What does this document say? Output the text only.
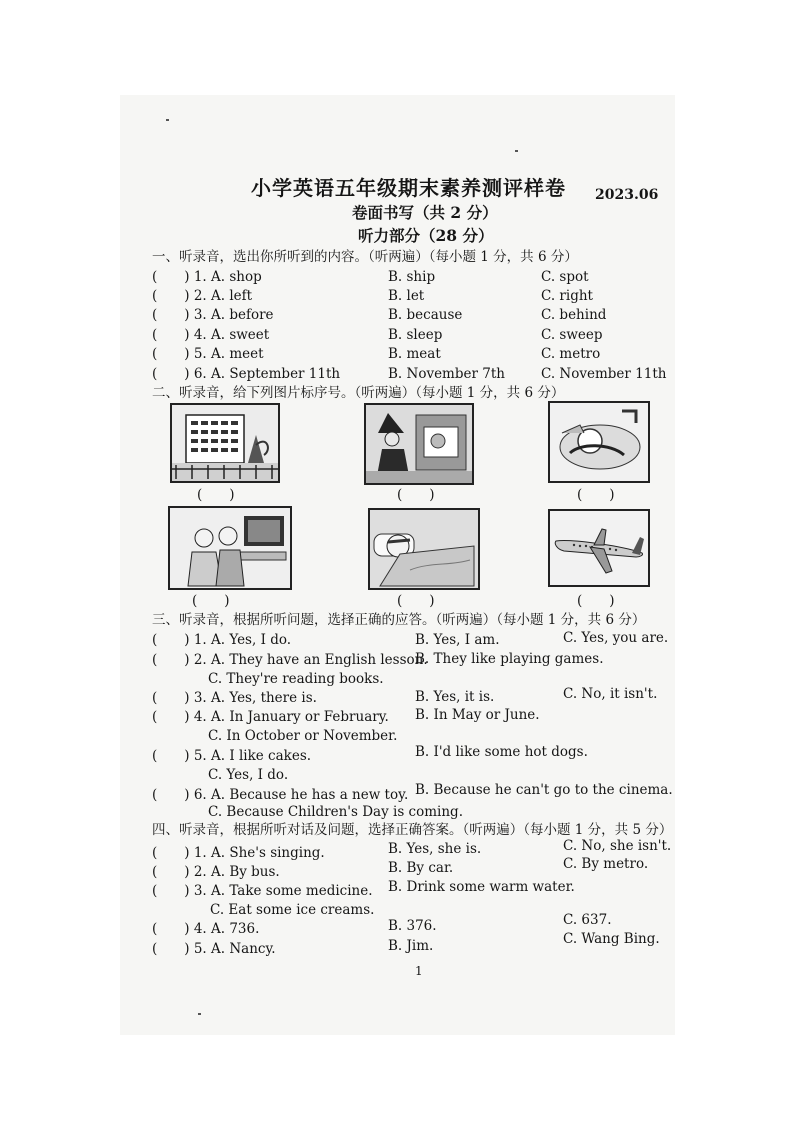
小学英语五年级期末素养测评样卷 2023.06
卷面书写（共 2 分）
听力部分（28 分）
一、听录音，选出你所听到的内容。（听两遍）（每小题 1 分，共 6 分）
(　　) 1. A. shop	B. ship	C. spot
(　　) 2. A. left	B. let	C. right
(　　) 3. A. before	B. because	C. behind
(　　) 4. A. sweet	B. sleep	C. sweep
(　　) 5. A. meet	B. meat	C. metro
(　　) 6. A. September 11th	B. November 7th	C. November 11th
二、听录音，给下列图片标序号。（听两遍）（每小题 1 分，共 6 分）
(　　)	(　　)	(　　)
(　　)	(　　)	(　　)
三、听录音，根据所听问题，选择正确的应答。（听两遍）（每小题 1 分，共 6 分）
(　　) 1. A. Yes, I do.	B. Yes, I am.	C. Yes, you are.
(　　) 2. A. They have an English lesson.
B. They like playing games.
C. They're reading books.
(　　) 3. A. Yes, there is.	B. Yes, it is.	C. No, it isn't.
(　　) 4. A. In January or February. B. In May or June.
C. In October or November.
(　　) 5. A. I like cakes.	B. I'd like some hot dogs.
C. Yes, I do.
(　　) 6. A. Because he has a new toy. B. Because he can't go to the cinema.
C. Because Children's Day is coming.
四、听录音，根据所听对话及问题，选择正确答案。（听两遍）（每小题 1 分，共 5 分）
(　　) 1. A. She's singing.	B. Yes, she is.	C. No, she isn't.
(　　) 2. A. By bus.	B. By car.	C. By metro.
(　　) 3. A. Take some medicine. B. Drink some warm water.
C. Eat some ice creams.
(　　) 4. A. 736.	B. 376.	C. 637.
(　　) 5. A. Nancy.	B. Jim.	C. Wang Bing.
1
